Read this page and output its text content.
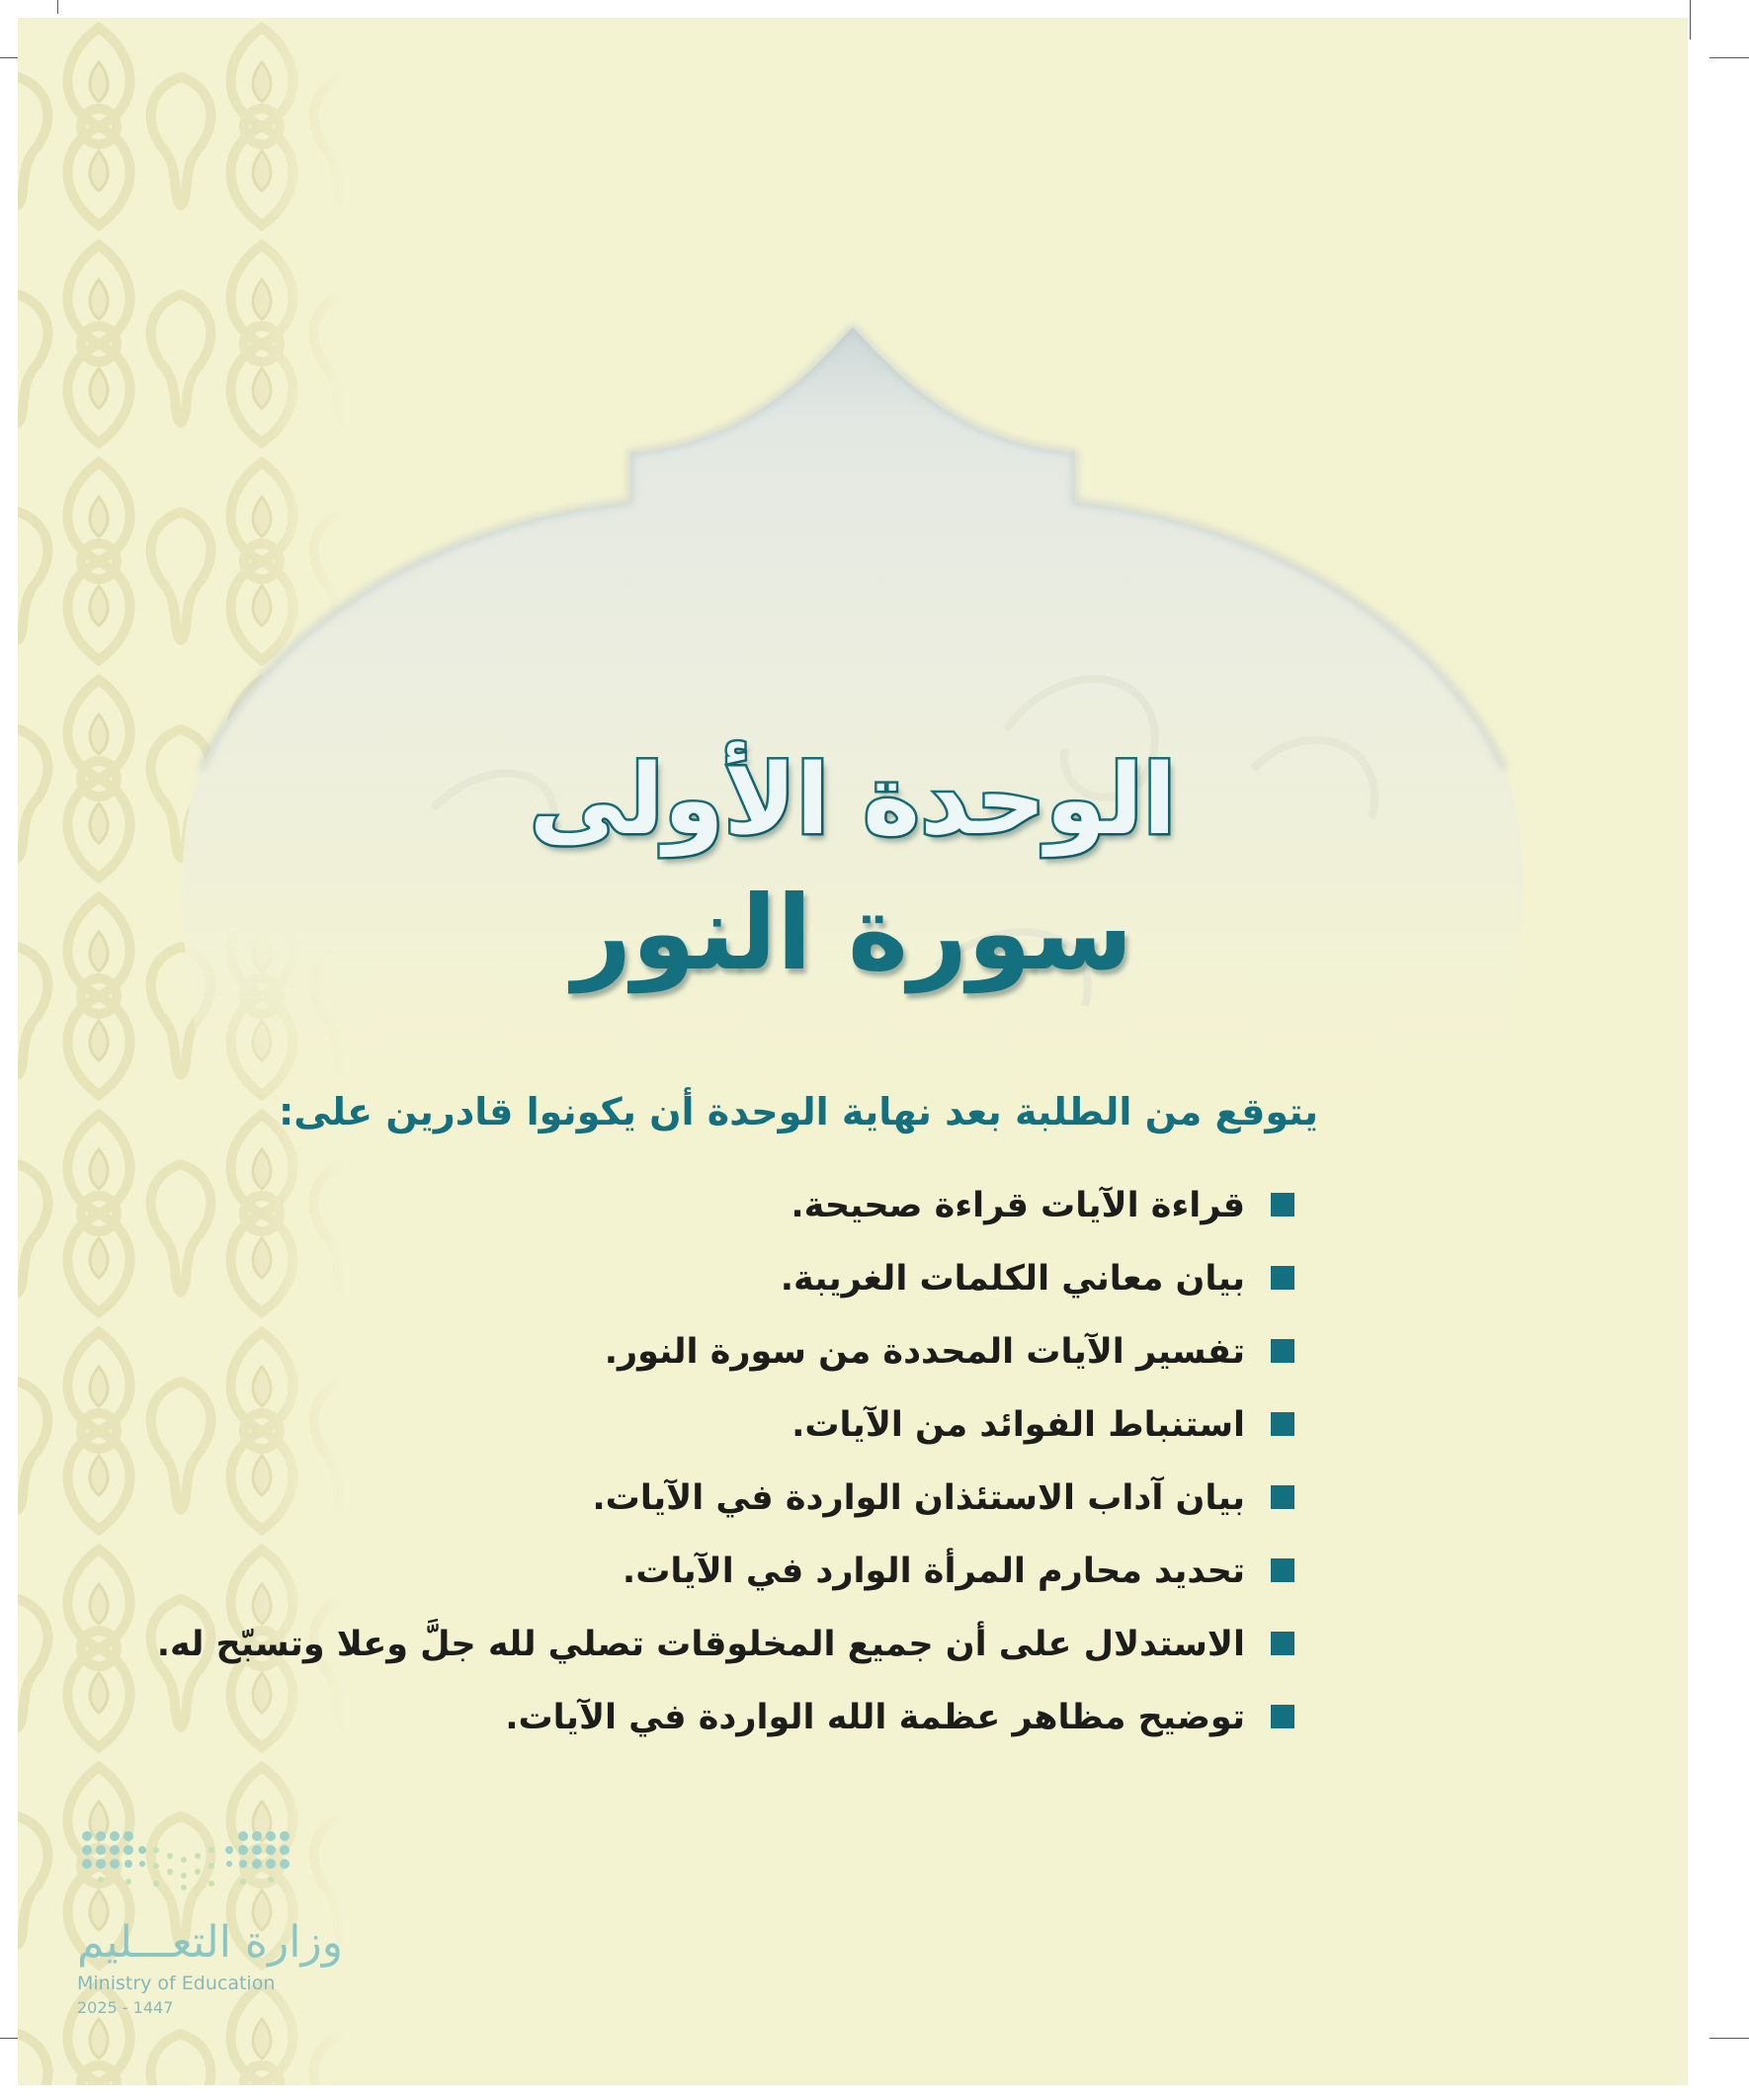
الوحدة الأولى
سورة النور
يتوقع من الطلبة بعد نهاية الوحدة أن يكونوا قادرين على:
قراءة الآيات قراءة صحيحة.
بيان معاني الكلمات الغريبة.
تفسير الآيات المحددة من سورة النور.
استنباط الفوائد من الآيات.
بيان آداب الاستئذان الواردة في الآيات.
تحديد محارم المرأة الوارد في الآيات.
الاستدلال على أن جميع المخلوقات تصلي لله جلَّ وعلا وتسبّح له.
توضيح مظاهر عظمة الله الواردة في الآيات.
وزارة التعـــليم
Ministry of Education
2025 - 1447
